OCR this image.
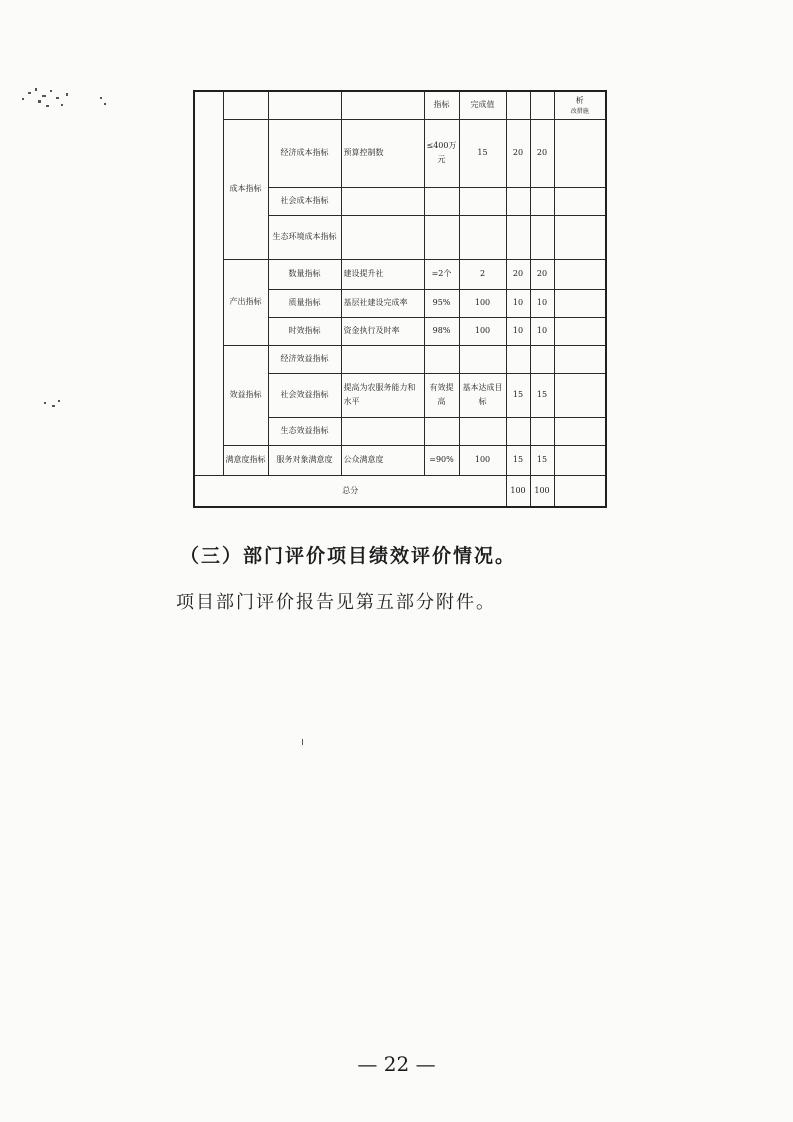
				指标	完成值			析
改措施

	成本指标	经济成本指标	预算控制数	≤400万元	15	20	20	
		社会成本指标						
		生态环境成本指标						
	产出指标	数量指标	建设提升社	=2个	2	20	20	
		质量指标	基层社建设完成率	95%	100	10	10	
		时效指标	资金执行及时率	98%	100	10	10	
	效益指标	经济效益指标						
		社会效益指标	提高为农服务能力和水平	有效提高	基本达成目标	15	15	
		生态效益指标						
	满意度指标	服务对象满意度	公众满意度	=90%	100	15	15	
总分						100	100	
（三）部门评价项目绩效评价情况。
项目部门评价报告见第五部分附件。
— 22 —
